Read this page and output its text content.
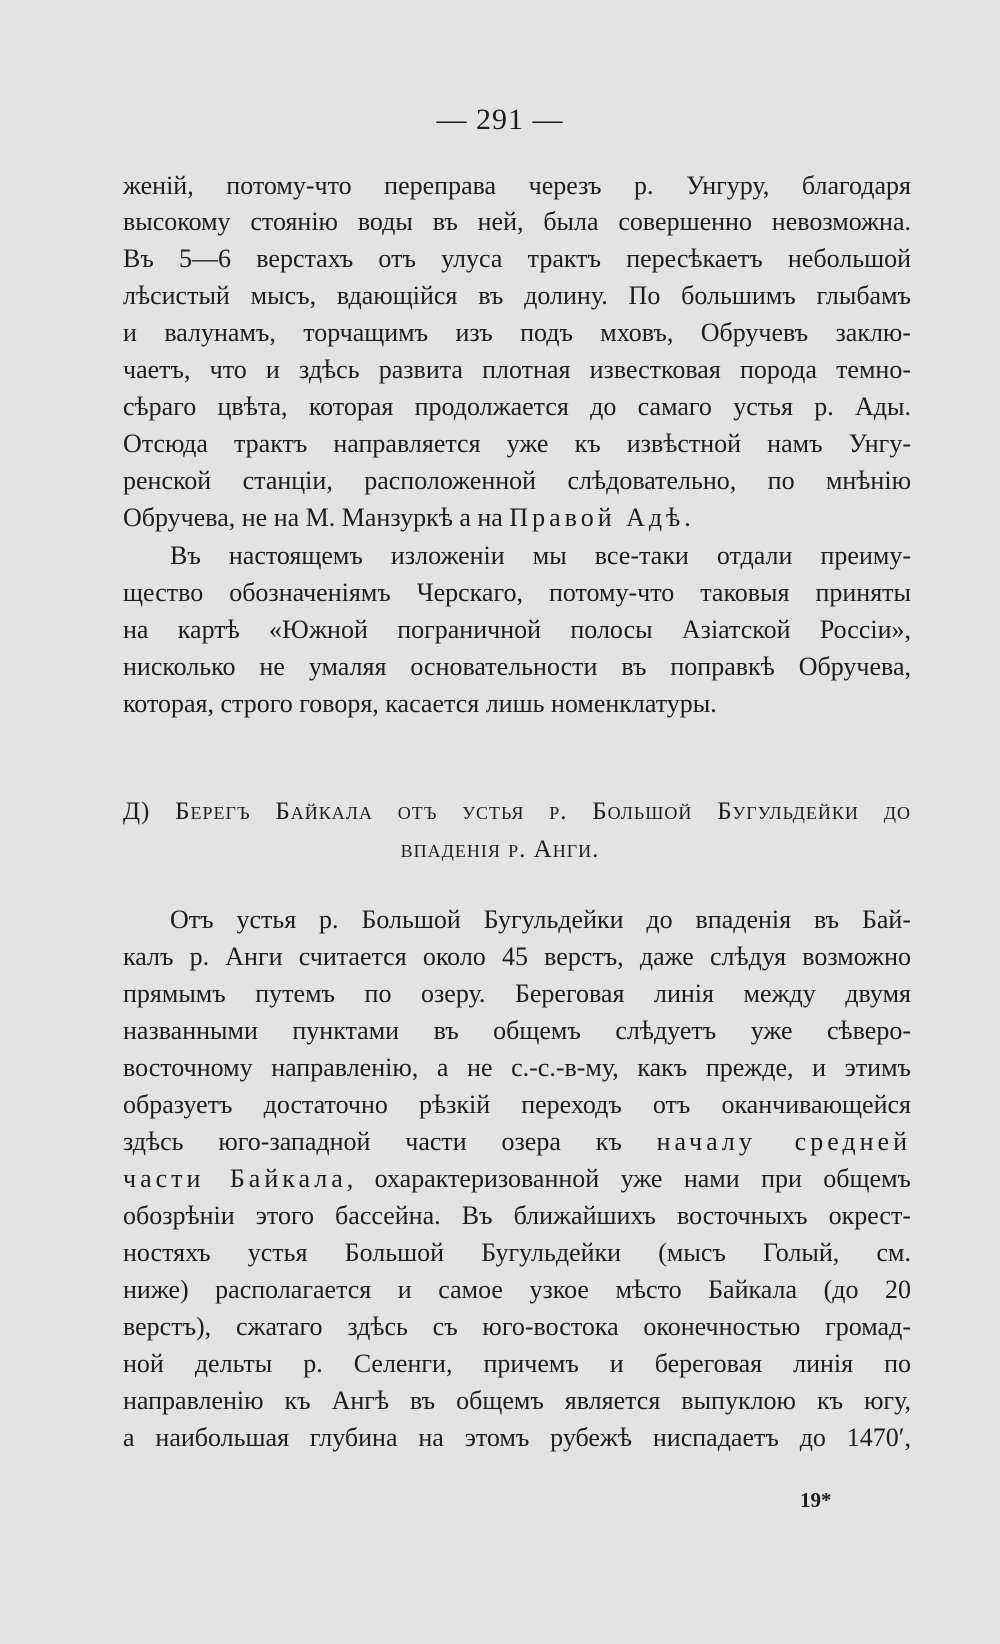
— 291 —
женій, потому-что переправа черезъ р. Унгуру, благодаря
высокому стоянію воды въ ней, была совершенно невозможна.
Въ 5—6 верстахъ отъ улуса трактъ пересѣкаетъ небольшой
лѣсистый мысъ, вдающійся въ долину. По большимъ глыбамъ
и валунамъ, торчащимъ изъ подъ мховъ, Обручевъ заклю-
чаетъ, что и здѣсь развита плотная известковая порода темно-
сѣраго цвѣта, которая продолжается до самаго устья р. Ады.
Отсюда трактъ направляется уже къ извѣстной намъ Унгу-
ренской станціи, расположенной слѣдовательно, по мнѣнію
Обручева, не на М. Манзуркѣ а на Правой Адѣ.
Въ настоящемъ изложеніи мы все-таки отдали преиму-
щество обозначеніямъ Черскаго, потому-что таковыя приняты
на картѣ «Южной пограничной полосы Азіатской Россіи»,
нисколько не умаляя основательности въ поправкѣ Обручева,
которая, строго говоря, касается лишь номенклатуры.
Д) Берегъ Байкала отъ устья р. Большой Бугульдейки до
впаденія р. Анги.
Отъ устья р. Большой Бугульдейки до впаденія въ Бай-
калъ р. Анги считается около 45 верстъ, даже слѣдуя возможно
прямымъ путемъ по озеру. Береговая линія между двумя
названными пунктами въ общемъ слѣдуетъ уже сѣверо-
восточному направленію, а не с.-с.-в-му, какъ прежде, и этимъ
образуетъ достаточно рѣзкій переходъ отъ оканчивающейся
здѣсь юго-западной части озера къ началу средней
части Байкала, охарактеризованной уже нами при общемъ
обозрѣніи этого бассейна. Въ ближайшихъ восточныхъ окрест-
ностяхъ устья Большой Бугульдейки (мысъ Голый, см.
ниже) располагается и самое узкое мѣсто Байкала (до 20
верстъ), сжатаго здѣсь съ юго-востока оконечностью громад-
ной дельты р. Селенги, причемъ и береговая линія по
направленію къ Ангѣ въ общемъ является выпуклою къ югу,
а наибольшая глубина на этомъ рубежѣ ниспадаетъ до 1470′,
19*
